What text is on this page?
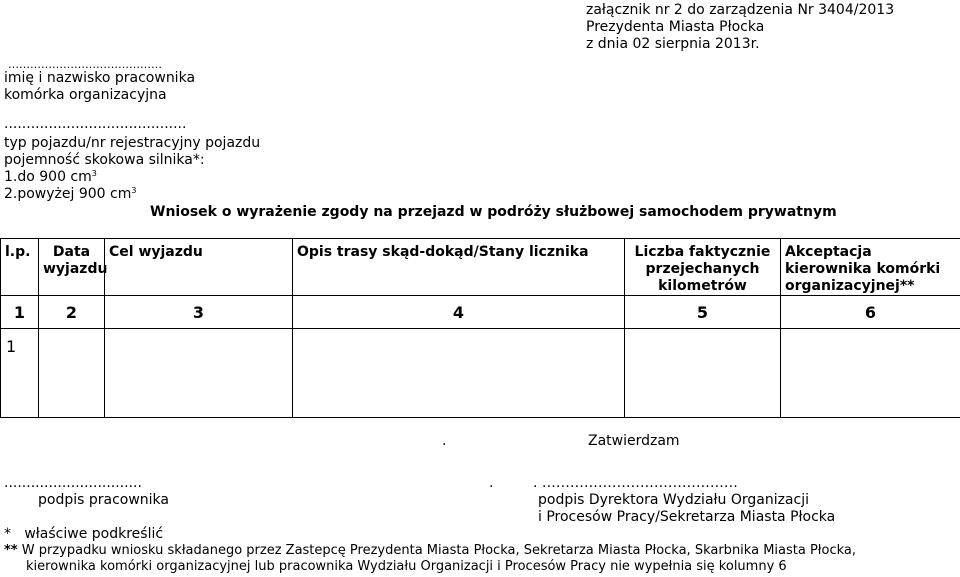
załącznik nr 2 do zarządzenia Nr 3404/2013
Prezydenta Miasta Płocka
z dnia 02 sierpnia 2013r.
……………………………………
imię i nazwisko pracownika
komórka organizacyjna
.........................................
typ pojazdu/nr rejestracyjny pojazdu
pojemność skokowa silnika*:
1.do 900 $cm^3$
2.powyżej 900 $cm^3$
Wniosek o wyrażenie zgody na przejazd w podróży służbowej samochodem prywatnym
l.p.	Data wyjazdu	Cel wyjazdu	Opis trasy skąd-dokąd/Stany licznika	Liczba faktycznie przejechanych kilometrów	Akceptacja kierownika komórki organizacyjnej**
1	2	3	4	5	6
1					
.	Zatwierdzam
...............................
podpis pracownika
.	. ……………………………………
podpis Dyrektora Wydziału Organizacji
i Procesów Pracy/Sekretarza Miasta Płocka
* właściwe podkreślić
** W przypadku wniosku składanego przez Zastepcę Prezydenta Miasta Płocka, Sekretarza Miasta Płocka, Skarbnika Miasta Płocka,
kierownika komórki organizacyjnej lub pracownika Wydziału Organizacji i Procesów Pracy nie wypełnia się kolumny 6
